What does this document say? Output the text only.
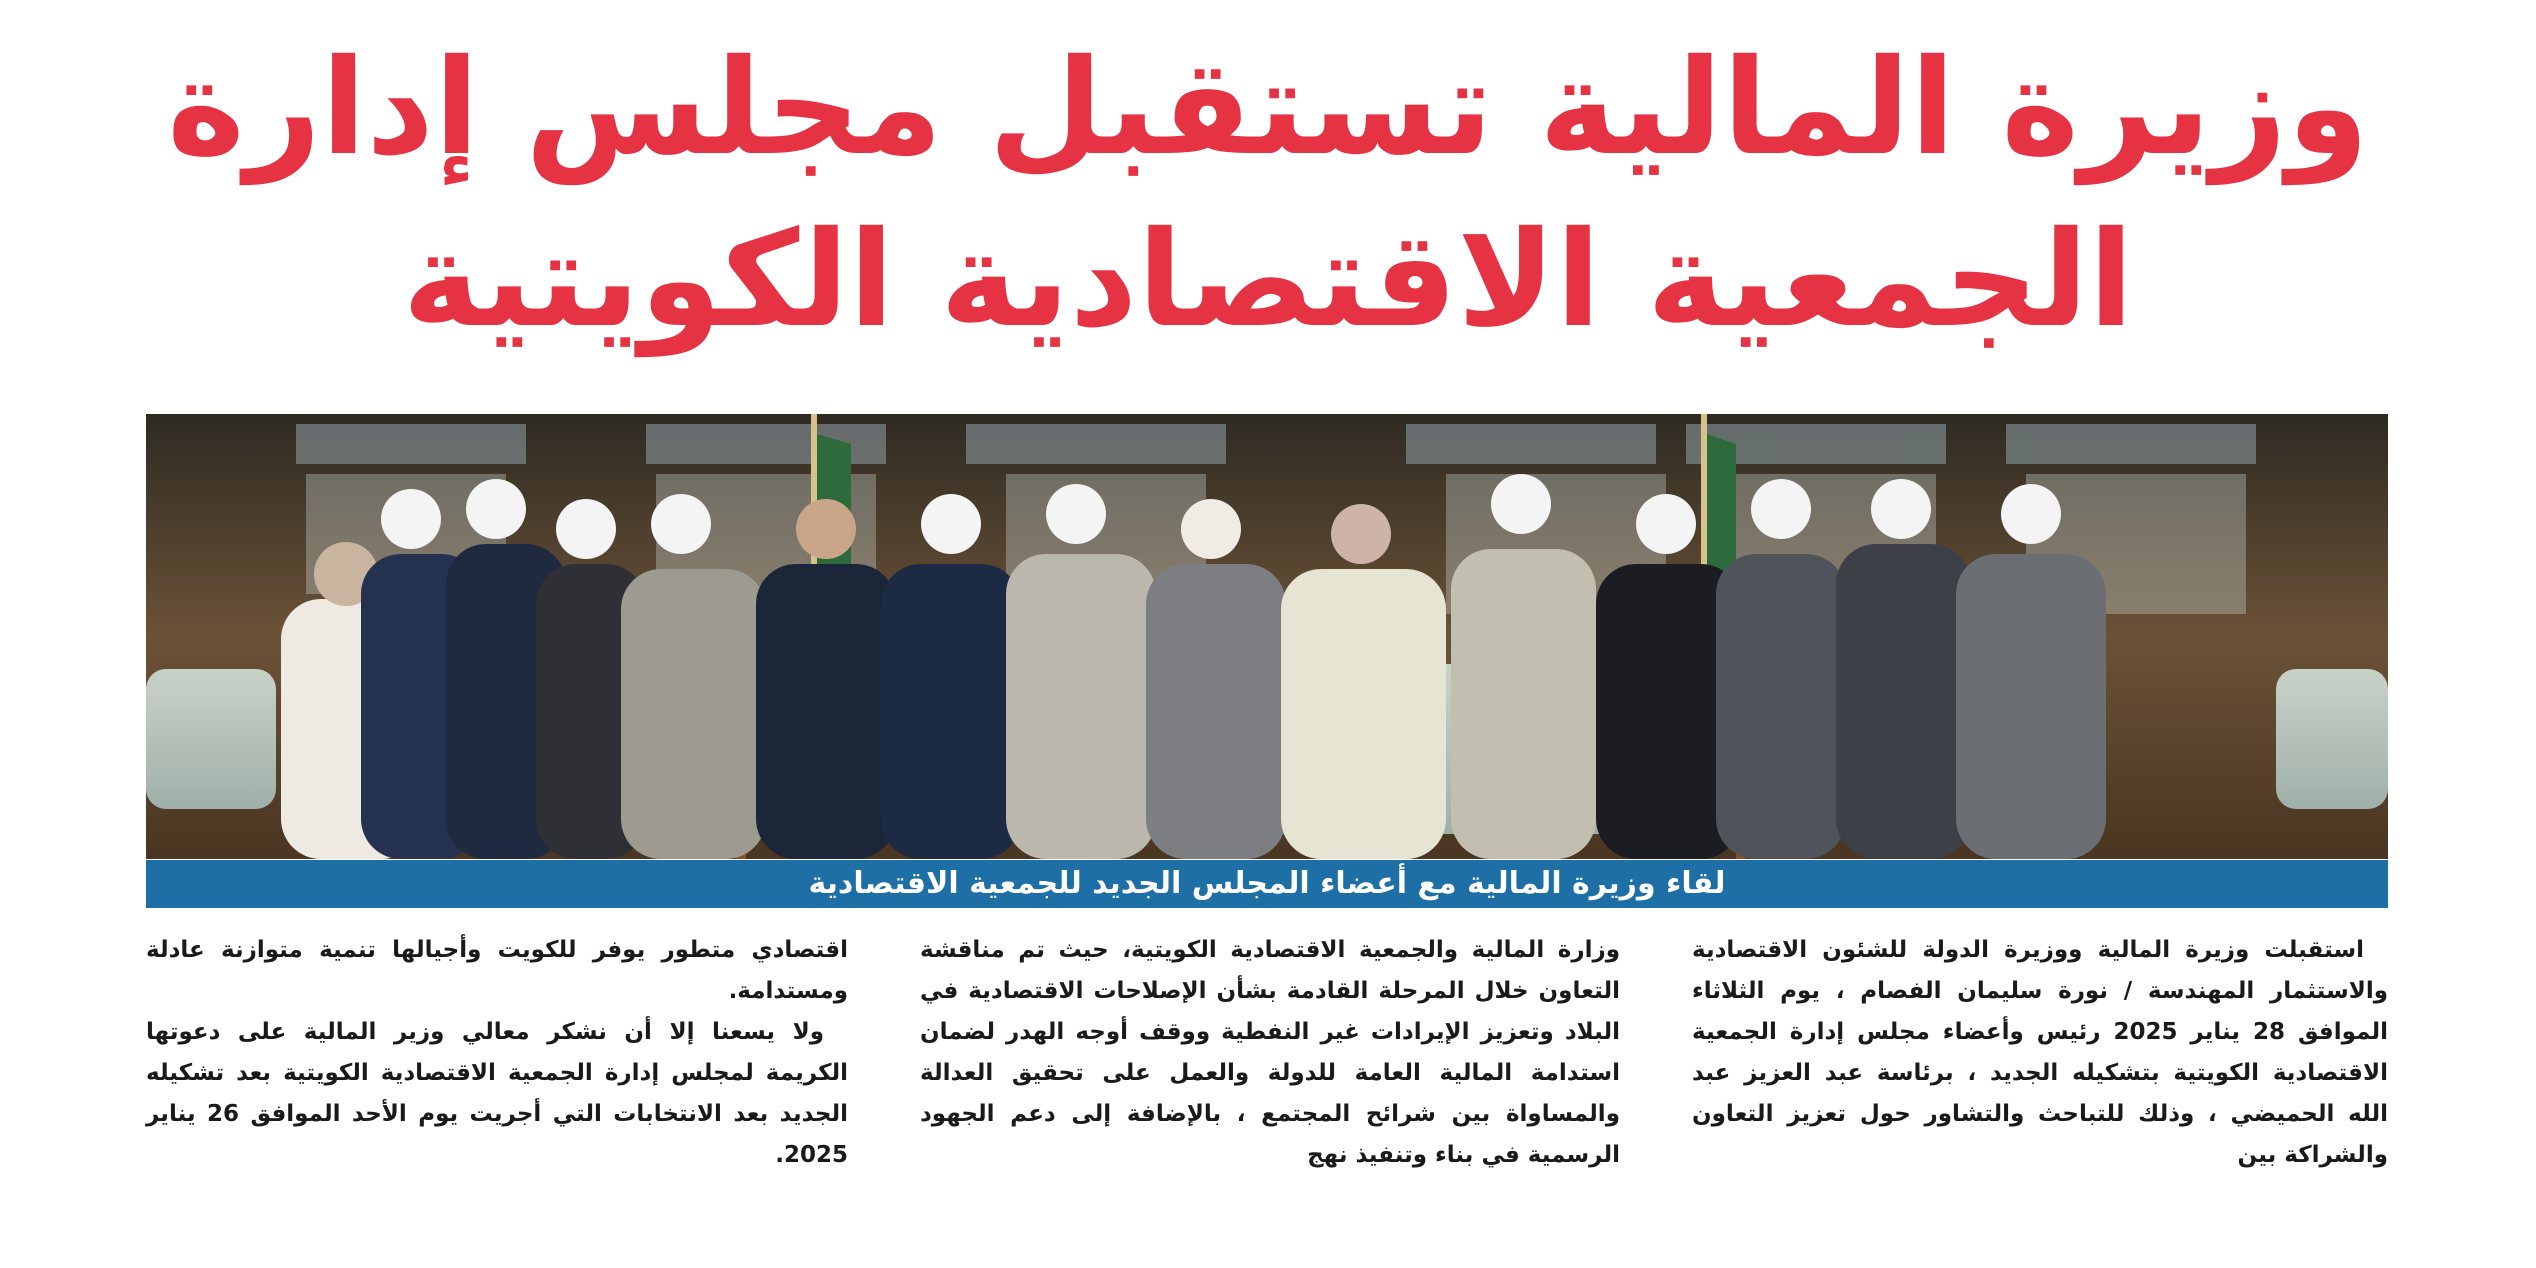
وزيرة المالية تستقبل مجلس إدارة
الجمعية الاقتصادية الكويتية
لقاء وزيرة المالية مع أعضاء المجلس الجديد للجمعية الاقتصادية

استقبلت وزيرة المالية ووزيرة الدولة للشئون الاقتصادية والاستثمار المهندسة / نورة سليمان الفصام ، يوم الثلاثاء الموافق 28 يناير 2025 رئيس وأعضاء مجلس إدارة الجمعية الاقتصادية الكويتية بتشكيله الجديد ، برئاسة عبد العزيز عبد الله الحميضي ، وذلك للتباحث والتشاور حول تعزيز التعاون والشراكة بين

وزارة المالية والجمعية الاقتصادية الكويتية، حيث تم مناقشة التعاون خلال المرحلة القادمة بشأن الإصلاحات الاقتصادية في البلاد وتعزيز الإيرادات غير النفطية ووقف أوجه الهدر لضمان استدامة المالية العامة للدولة والعمل على تحقيق العدالة والمساواة بين شرائح المجتمع ، بالإضافة إلى دعم الجهود الرسمية في بناء وتنفيذ نهج

اقتصادي متطور يوفر للكويت وأجيالها تنمية متوازنة عادلة ومستدامة.

ولا يسعنا إلا أن نشكر معالي وزير المالية على دعوتها الكريمة لمجلس إدارة الجمعية الاقتصادية الكويتية بعد تشكيله الجديد بعد الانتخابات التي أجريت يوم الأحد الموافق 26 يناير 2025.
